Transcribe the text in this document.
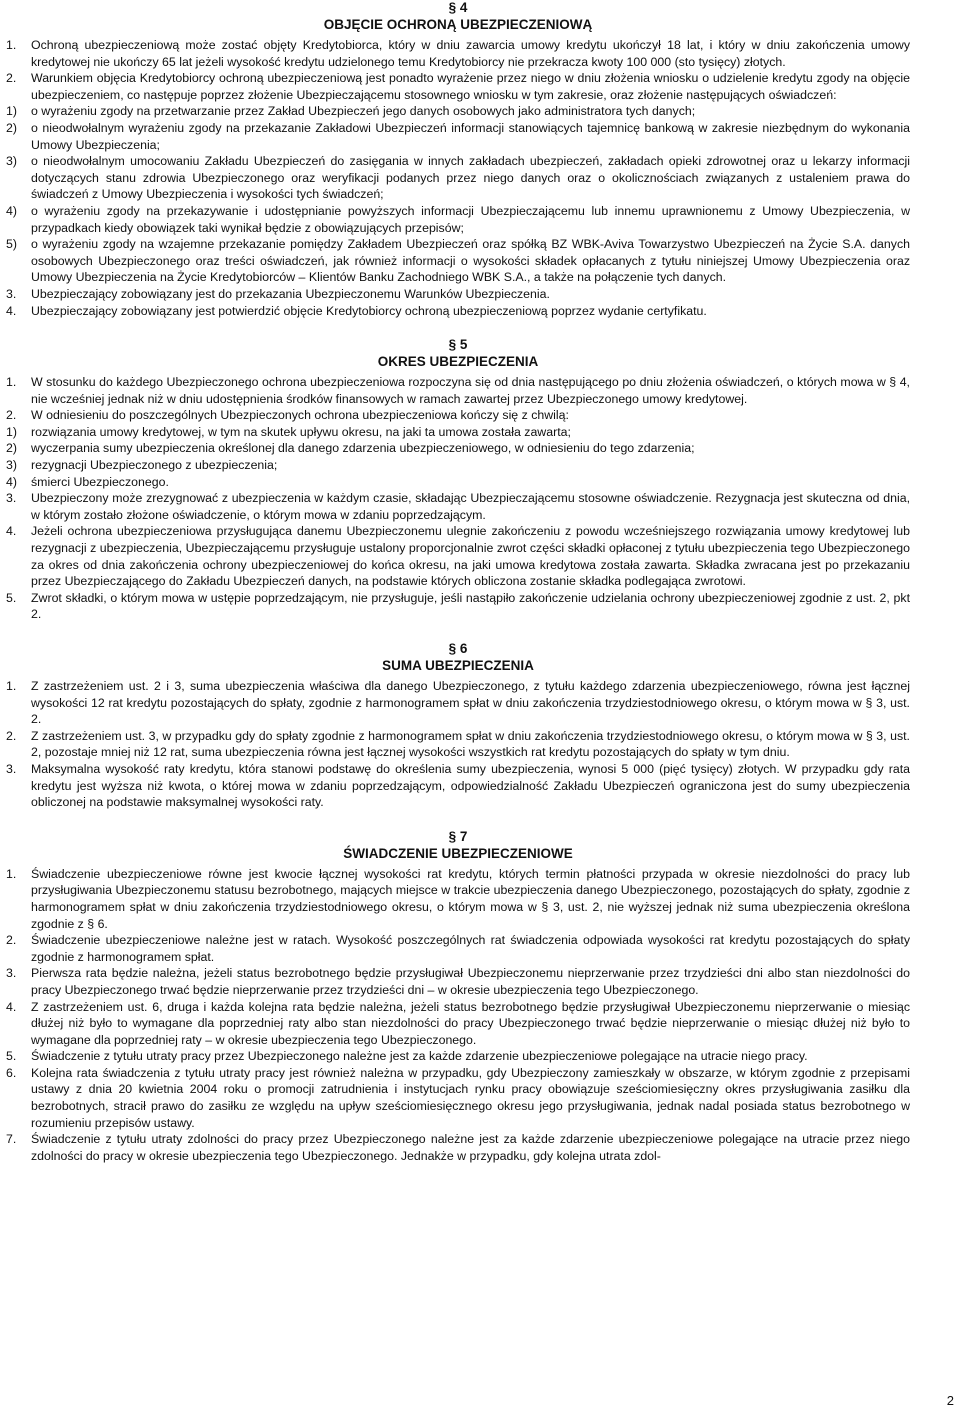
§ 4
OBJĘCIE OCHRONĄ UBEZPIECZENIOWĄ
1. Ochroną ubezpieczeniową może zostać objęty Kredytobiorca, który w dniu zawarcia umowy kredytu ukończył 18 lat, i który w dniu zakończenia umowy kredytowej nie ukończy 65 lat jeżeli wysokość kredytu udzielonego temu Kredytobiorcy nie przekracza kwoty 100 000 (sto tysięcy) złotych.
2. Warunkiem objęcia Kredytobiorcy ochroną ubezpieczeniową jest ponadto wyrażenie przez niego w dniu złożenia wniosku o udzielenie kredytu zgody na objęcie ubezpieczeniem, co następuje poprzez złożenie Ubezpieczającemu stosownego wniosku w tym zakresie, oraz złożenie następujących oświadczeń:
1) o wyrażeniu zgody na przetwarzanie przez Zakład Ubezpieczeń jego danych osobowych jako administratora tych danych;
2) o nieodwołalnym wyrażeniu zgody na przekazanie Zakładowi Ubezpieczeń informacji stanowiących tajemnicę bankową w zakresie niezbędnym do wykonania Umowy Ubezpieczenia;
3) o nieodwołalnym umocowaniu Zakładu Ubezpieczeń do zasięgania w innych zakładach ubezpieczeń, zakładach opieki zdrowotnej oraz u lekarzy informacji dotyczących stanu zdrowia Ubezpieczonego oraz weryfikacji podanych przez niego danych oraz o okolicznościach związanych z ustaleniem prawa do świadczeń z Umowy Ubezpieczenia i wysokości tych świadczeń;
4) o wyrażeniu zgody na przekazywanie i udostępnianie powyższych informacji Ubezpieczającemu lub innemu uprawnionemu z Umowy Ubezpieczenia, w przypadkach kiedy obowiązek taki wynikał będzie z obowiązujących przepisów;
5) o wyrażeniu zgody na wzajemne przekazanie pomiędzy Zakładem Ubezpieczeń oraz spółką BZ WBK-Aviva Towarzystwo Ubezpieczeń na Życie S.A. danych osobowych Ubezpieczonego oraz treści oświadczeń, jak również informacji o wysokości składek opłacanych z tytułu niniejszej Umowy Ubezpieczenia oraz Umowy Ubezpieczenia na Życie Kredytobiorców – Klientów Banku Zachodniego WBK S.A., a także na połączenie tych danych.
3. Ubezpieczający zobowiązany jest do przekazania Ubezpieczonemu Warunków Ubezpieczenia.
4. Ubezpieczający zobowiązany jest potwierdzić objęcie Kredytobiorcy ochroną ubezpieczeniową poprzez wydanie certyfikatu.
§ 5
OKRES UBEZPIECZENIA
1. W stosunku do każdego Ubezpieczonego ochrona ubezpieczeniowa rozpoczyna się od dnia następującego po dniu złożenia oświadczeń, o których mowa w § 4, nie wcześniej jednak niż w dniu udostępnienia środków finansowych w ramach zawartej przez Ubezpieczonego umowy kredytowej.
2. W odniesieniu do poszczególnych Ubezpieczonych ochrona ubezpieczeniowa kończy się z chwilą:
1) rozwiązania umowy kredytowej, w tym na skutek upływu okresu, na jaki ta umowa została zawarta;
2) wyczerpania sumy ubezpieczenia określonej dla danego zdarzenia ubezpieczeniowego, w odniesieniu do tego zdarzenia;
3) rezygnacji Ubezpieczonego z ubezpieczenia;
4) śmierci Ubezpieczonego.
3. Ubezpieczony może zrezygnować z ubezpieczenia w każdym czasie, składając Ubezpieczającemu stosowne oświadczenie. Rezygnacja jest skuteczna od dnia, w którym zostało złożone oświadczenie, o którym mowa w zdaniu poprzedzającym.
4. Jeżeli ochrona ubezpieczeniowa przysługująca danemu Ubezpieczonemu ulegnie zakończeniu z powodu wcześniejszego rozwiązania umowy kredytowej lub rezygnacji z ubezpieczenia, Ubezpieczającemu przysługuje ustalony proporcjonalnie zwrot części składki opłaconej z tytułu ubezpieczenia tego Ubezpieczonego za okres od dnia zakończenia ochrony ubezpieczeniowej do końca okresu, na jaki umowa kredytowa została zawarta. Składka zwracana jest po przekazaniu przez Ubezpieczającego do Zakładu Ubezpieczeń danych, na podstawie których obliczona zostanie składka podlegająca zwrotowi.
5. Zwrot składki, o którym mowa w ustępie poprzedzającym, nie przysługuje, jeśli nastąpiło zakończenie udzielania ochrony ubezpieczeniowej zgodnie z ust. 2, pkt 2.
§ 6
SUMA UBEZPIECZENIA
1. Z zastrzeżeniem ust. 2 i 3, suma ubezpieczenia właściwa dla danego Ubezpieczonego, z tytułu każdego zdarzenia ubezpieczeniowego, równa jest łącznej wysokości 12 rat kredytu pozostających do spłaty, zgodnie z harmonogramem spłat w dniu zakończenia trzydziestodniowego okresu, o którym mowa w § 3, ust. 2.
2. Z zastrzeżeniem ust. 3, w przypadku gdy do spłaty zgodnie z harmonogramem spłat w dniu zakończenia trzydziestodniowego okresu, o którym mowa w § 3, ust. 2, pozostaje mniej niż 12 rat, suma ubezpieczenia równa jest łącznej wysokości wszystkich rat kredytu pozostających do spłaty w tym dniu.
3. Maksymalna wysokość raty kredytu, która stanowi podstawę do określenia sumy ubezpieczenia, wynosi 5 000 (pięć tysięcy) złotych. W przypadku gdy rata kredytu jest wyższa niż kwota, o której mowa w zdaniu poprzedzającym, odpowiedzialność Zakładu Ubezpieczeń ograniczona jest do sumy ubezpieczenia obliczonej na podstawie maksymalnej wysokości raty.
§ 7
ŚWIADCZENIE UBEZPIECZENIOWE
1. Świadczenie ubezpieczeniowe równe jest kwocie łącznej wysokości rat kredytu, których termin płatności przypada w okresie niezdolności do pracy lub przysługiwania Ubezpieczonemu statusu bezrobotnego, mających miejsce w trakcie ubezpieczenia danego Ubezpieczonego, pozostających do spłaty, zgodnie z harmonogramem spłat w dniu zakończenia trzydziestodniowego okresu, o którym mowa w § 3, ust. 2, nie wyższej jednak niż suma ubezpieczenia określona zgodnie z § 6.
2. Świadczenie ubezpieczeniowe należne jest w ratach. Wysokość poszczególnych rat świadczenia odpowiada wysokości rat kredytu pozostających do spłaty zgodnie z harmonogramem spłat.
3. Pierwsza rata będzie należna, jeżeli status bezrobotnego będzie przysługiwał Ubezpieczonemu nieprzerwanie przez trzydzieści dni albo stan niezdolności do pracy Ubezpieczonego trwać będzie nieprzerwanie przez trzydzieści dni – w okresie ubezpieczenia tego Ubezpieczonego.
4. Z zastrzeżeniem ust. 6, druga i każda kolejna rata będzie należna, jeżeli status bezrobotnego będzie przysługiwał Ubezpieczonemu nieprzerwanie o miesiąc dłużej niż było to wymagane dla poprzedniej raty albo stan niezdolności do pracy Ubezpieczonego trwać będzie nieprzerwanie o miesiąc dłużej niż było to wymagane dla poprzedniej raty – w okresie ubezpieczenia tego Ubezpieczonego.
5. Świadczenie z tytułu utraty pracy przez Ubezpieczonego należne jest za każde zdarzenie ubezpieczeniowe polegające na utracie niego pracy.
6. Kolejna rata świadczenia z tytułu utraty pracy jest również należna w przypadku, gdy Ubezpieczony zamieszkały w obszarze, w którym zgodnie z przepisami ustawy z dnia 20 kwietnia 2004 roku o promocji zatrudnienia i instytucjach rynku pracy obowiązuje sześciomiesięczny okres przysługiwania zasiłku dla bezrobotnych, stracił prawo do zasiłku ze względu na upływ sześciomiesięcznego okresu jego przysługiwania, jednak nadal posiada status bezrobotnego w rozumieniu przepisów ustawy.
7. Świadczenie z tytułu utraty zdolności do pracy przez Ubezpieczonego należne jest za każde zdarzenie ubezpieczeniowe polegające na utracie przez niego zdolności do pracy w okresie ubezpieczenia tego Ubezpieczonego. Jednakże w przypadku, gdy kolejna utrata zdol-
2
